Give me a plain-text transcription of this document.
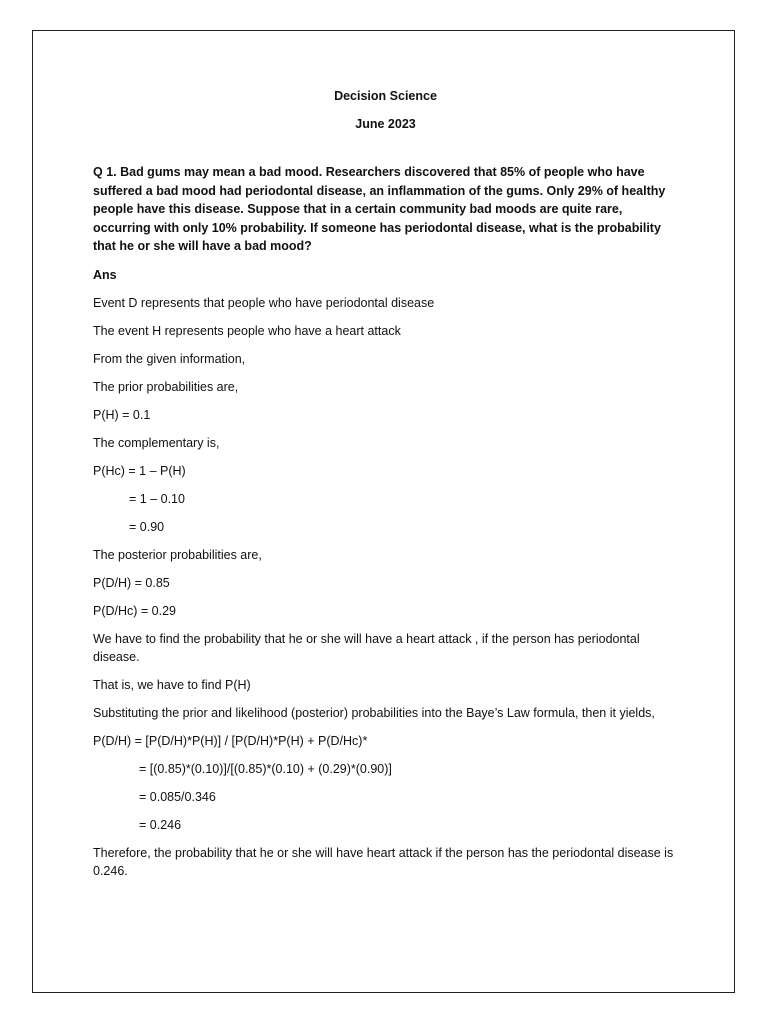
Decision Science
June 2023
Q 1. Bad gums may mean a bad mood. Researchers discovered that 85% of people who have suffered a bad mood had periodontal disease, an inflammation of the gums. Only 29% of healthy people have this disease. Suppose that in a certain community bad moods are quite rare, occurring with only 10% probability. If someone has periodontal disease, what is the probability that he or she will have a bad mood?
Ans
Event D represents that people who have periodontal disease
The event H represents people who have a heart attack
From the given information,
The prior probabilities are,
P(H) = 0.1
The complementary is,
P(Hc) = 1 – P(H)
= 1 – 0.10
= 0.90
The posterior probabilities are,
P(D/H) = 0.85
P(D/Hc) = 0.29
We have to find the probability that he or she will have a heart attack , if the person has periodontal disease.
That is, we have to find P(H)
Substituting the prior and likelihood (posterior) probabilities into the Baye’s Law formula, then it yields,
P(D/H) = [P(D/H)*P(H)] / [P(D/H)*P(H) + P(D/Hc)*
= [(0.85)*(0.10)]/[(0.85)*(0.10) + (0.29)*(0.90)]
= 0.085/0.346
= 0.246
Therefore, the probability that he or she will have heart attack if the person has the periodontal disease is 0.246.
